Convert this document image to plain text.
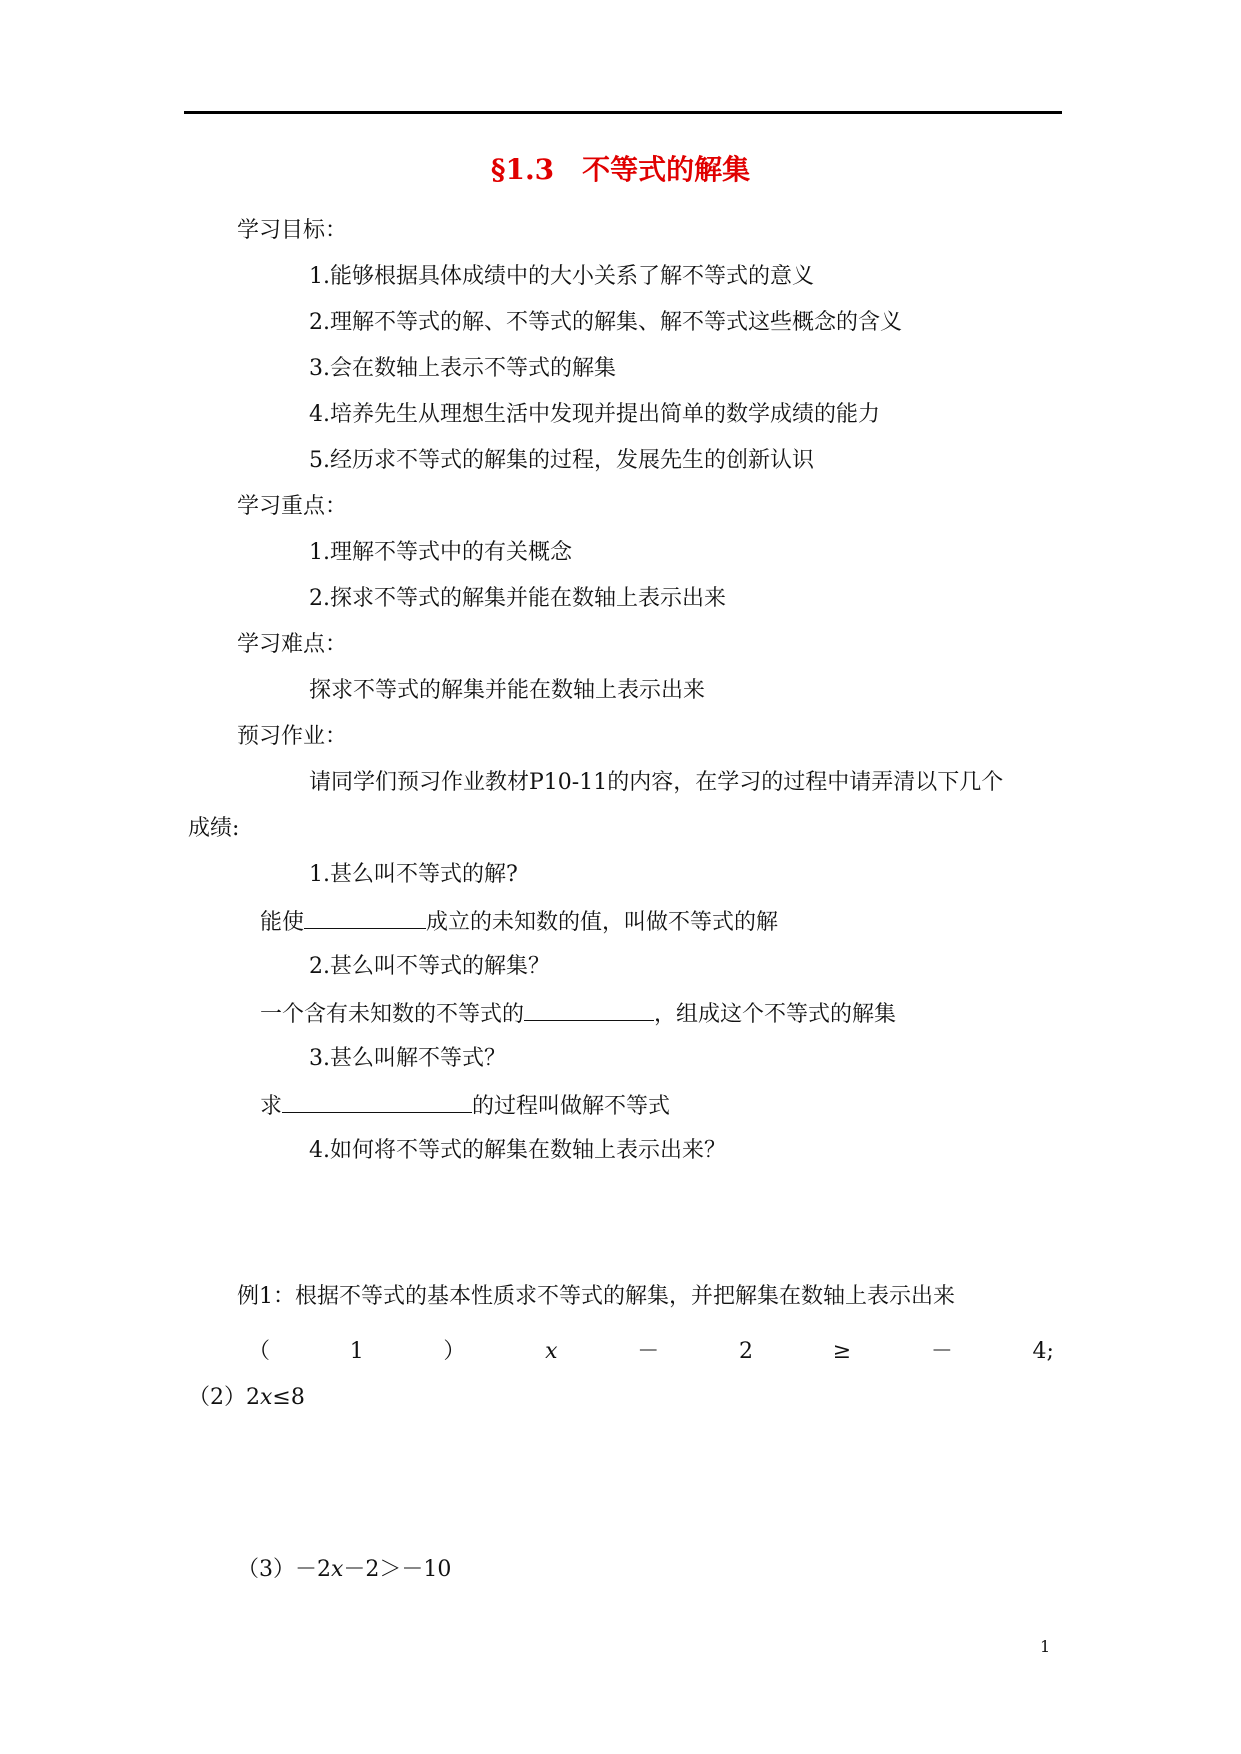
§1.3　不等式的解集
学习目标：
1.能够根据具体成绩中的大小关系了解不等式的意义
2.理解不等式的解、不等式的解集、解不等式这些概念的含义
3.会在数轴上表示不等式的解集
4.培养先生从理想生活中发现并提出简单的数学成绩的能力
5.经历求不等式的解集的过程，发展先生的创新认识
学习重点：
1.理解不等式中的有关概念
2.探求不等式的解集并能在数轴上表示出来
学习难点：
探求不等式的解集并能在数轴上表示出来
预习作业：
请同学们预习作业教材P10-11的内容，在学习的过程中请弄清以下几个
成绩:
1.甚么叫不等式的解?
能使	成立的未知数的值，叫做不等式的解
2.甚么叫不等式的解集？
一个含有未知数的不等式的	，组成这个不等式的解集
3.甚么叫解不等式？
求	的过程叫做解不等式
4.如何将不等式的解集在数轴上表示出来？
例1：根据不等式的基本性质求不等式的解集，并把解集在数轴上表示出来
（	1	）	x	－	2	≥	－	4;
（2）2x≤8
（3）－2x－2＞－10
1
